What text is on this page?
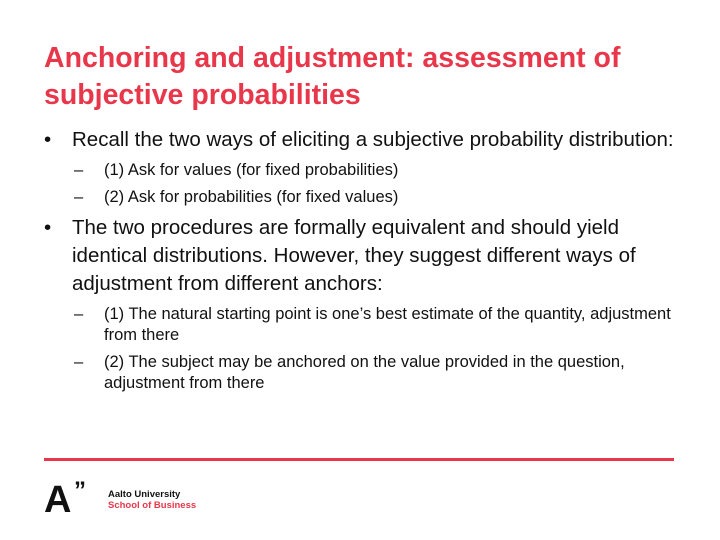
Anchoring and adjustment: assessment of subjective probabilities
• Recall the two ways of eliciting a subjective probability distribution:
– (1) Ask for values (for fixed probabilities)
– (2) Ask for probabilities (for fixed values)
• The two procedures are formally equivalent and should yield identical distributions. However, they suggest different ways of adjustment from different anchors:
– (1) The natural starting point is one’s best estimate of the quantity, adjustment from there
– (2) The subject may be anchored on the value provided in the question, adjustment from there
A ” Aalto University
School of Business
